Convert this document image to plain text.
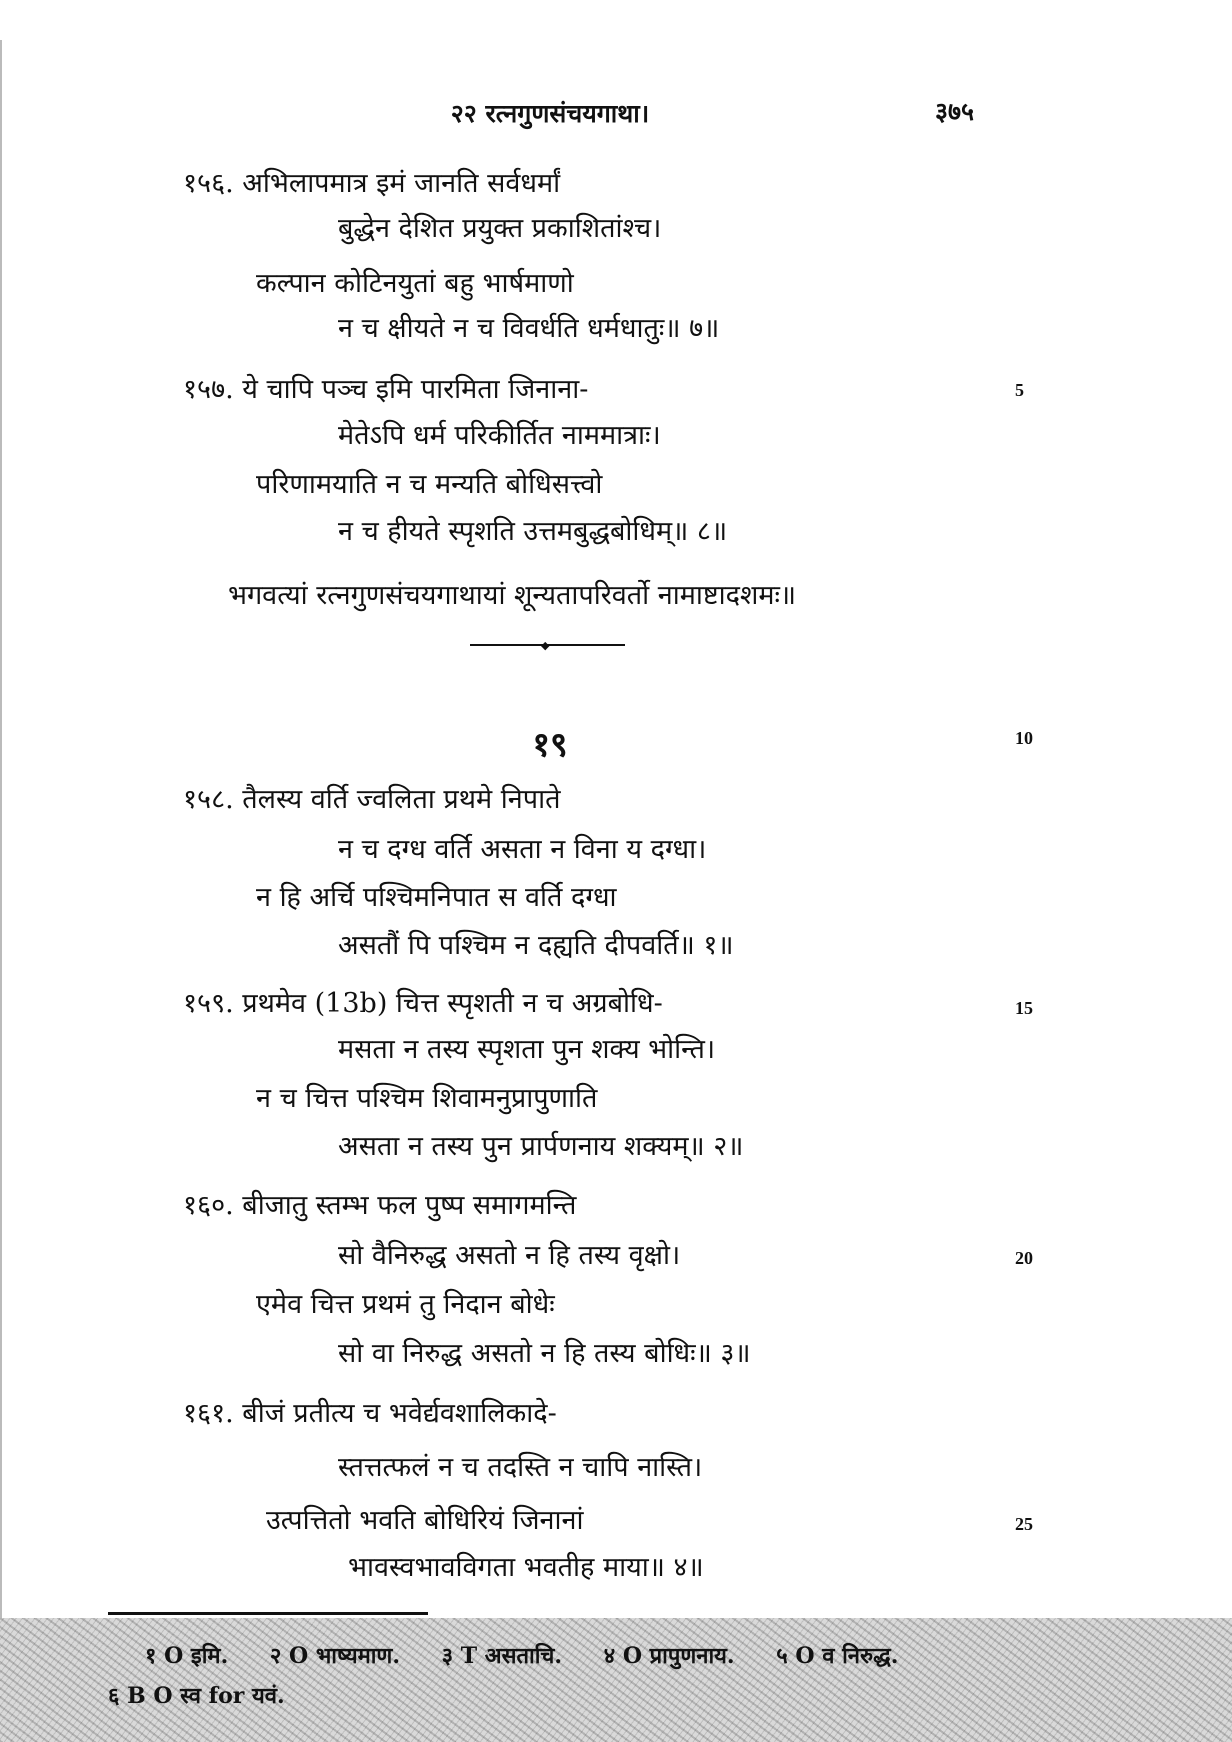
२२ रत्नगुणसंचयगाथा।	३७५
१५६. अभिलापमात्र इमं जानति सर्वधर्मां
बुद्धेन देशित प्रयुक्त प्रकाशितांश्च।
कल्पान कोटिनयुतां बहु भार्षमाणो
न च क्षीयते न च विवर्धति धर्मधातुः॥ ७॥
१५७. ये चापि पञ्च इमि पारमिता जिनाना-	5
मेतेऽपि धर्म परिकीर्तित नाममात्राः।
परिणामयाति न च मन्यति बोधिसत्त्वो
न च हीयते स्पृशति उत्तमबुद्धबोधिम्॥ ८॥
भगवत्यां रत्नगुणसंचयगाथायां शून्यतापरिवर्तो नामाष्टादशमः॥
◆
१९	10
१५८. तैलस्य वर्ति ज्वलिता प्रथमे निपाते
न च दग्ध वर्ति असता न विना य दग्धा।
न हि अर्चि पश्चिमनिपात स वर्ति दग्धा
असतौं पि पश्चिम न दह्यति दीपवर्ति॥ १॥
१५९. प्रथमेव (13b) चित्त स्पृशती न च अग्रबोधि-	15
मसता न तस्य स्पृशता पुन शक्य भोन्ति।
न च चित्त पश्चिम शिवामनुप्रापुणाति
असता न तस्य पुन प्रार्पणनाय शक्यम्॥ २॥
१६०. बीजातु स्तम्भ फल पुष्प समागमन्ति
सो वैनिरुद्ध असतो न हि तस्य वृक्षो।	20
एमेव चित्त प्रथमं तु निदान बोधेः
सो वा निरुद्ध असतो न हि तस्य बोधिः॥ ३॥
१६१. बीजं प्रतीत्य च भवेर्द्यवशालिकादे-
स्तत्तत्फलं न च तदस्ति न चापि नास्ति।
उत्पत्तितो भवति बोधिरियं जिनानां	25
भावस्वभावविगता भवतीह माया॥ ४॥
१ O इमि. २ O भाष्यमाण. ३ T असताचि. ४ O प्रापुणनाय. ५ O व निरुद्ध.
६ B O स्व for यवं.
